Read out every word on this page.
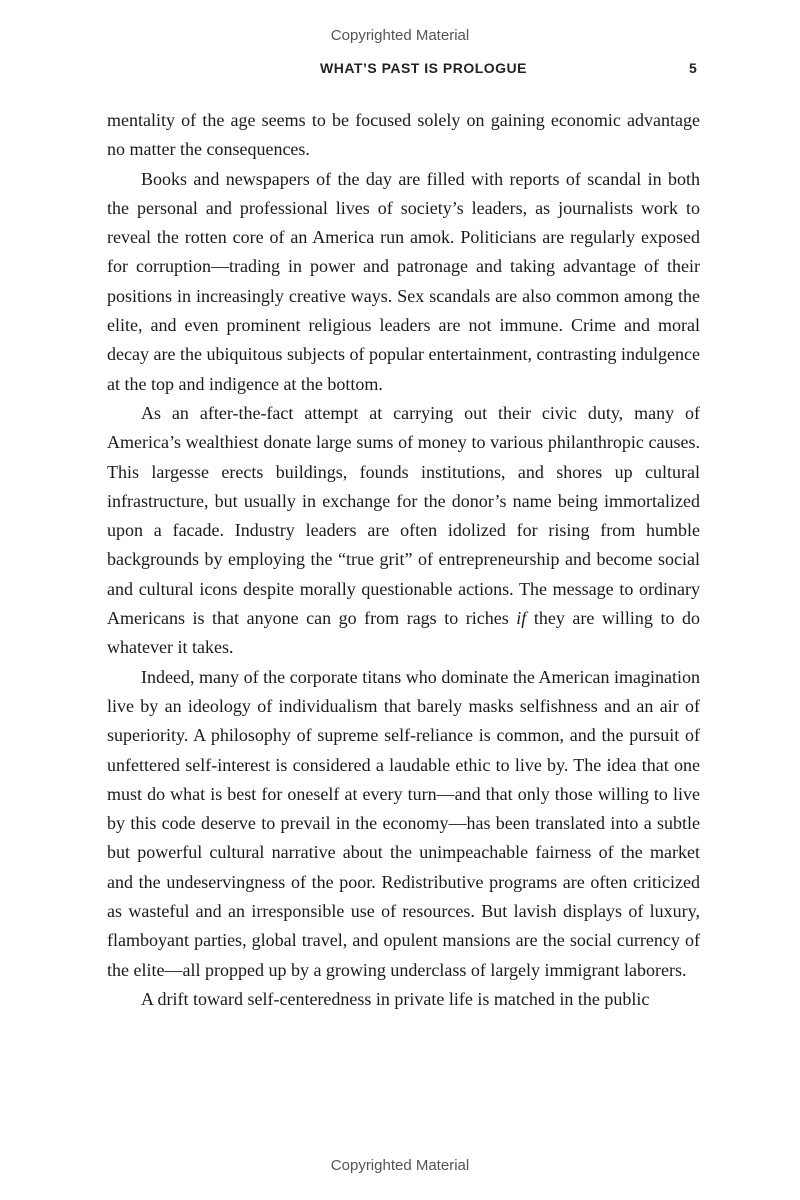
Copyrighted Material
WHAT’S PAST IS PROLOGUE	5

mentality of the age seems to be focused solely on gaining economic advantage no matter the consequences.

Books and newspapers of the day are filled with reports of scandal in both the personal and professional lives of society’s leaders, as journalists work to reveal the rotten core of an America run amok. Politicians are regularly exposed for corruption—trading in power and patronage and taking advantage of their positions in increasingly creative ways. Sex scandals are also common among the elite, and even prominent religious leaders are not immune. Crime and moral decay are the ubiquitous subjects of popular entertainment, contrasting indulgence at the top and indigence at the bottom.

As an after-the-fact attempt at carrying out their civic duty, many of America’s wealthiest donate large sums of money to various philanthropic causes. This largesse erects buildings, founds institutions, and shores up cultural infrastructure, but usually in exchange for the donor’s name being immortalized upon a facade. Industry leaders are often idolized for rising from humble backgrounds by employing the “true grit” of entrepreneurship and become social and cultural icons despite morally questionable actions. The message to ordinary Americans is that anyone can go from rags to riches if they are willing to do whatever it takes.

Indeed, many of the corporate titans who dominate the American imagination live by an ideology of individualism that barely masks selfishness and an air of superiority. A philosophy of supreme self-reliance is common, and the pursuit of unfettered self-interest is considered a laudable ethic to live by. The idea that one must do what is best for oneself at every turn—and that only those willing to live by this code deserve to prevail in the economy—has been translated into a subtle but powerful cultural narrative about the unimpeachable fairness of the market and the undeservingness of the poor. Redistributive programs are often criticized as wasteful and an irresponsible use of resources. But lavish displays of luxury, flamboyant parties, global travel, and opulent mansions are the social currency of the elite—all propped up by a growing underclass of largely immigrant laborers.

A drift toward self-centeredness in private life is matched in the public

Copyrighted Material
